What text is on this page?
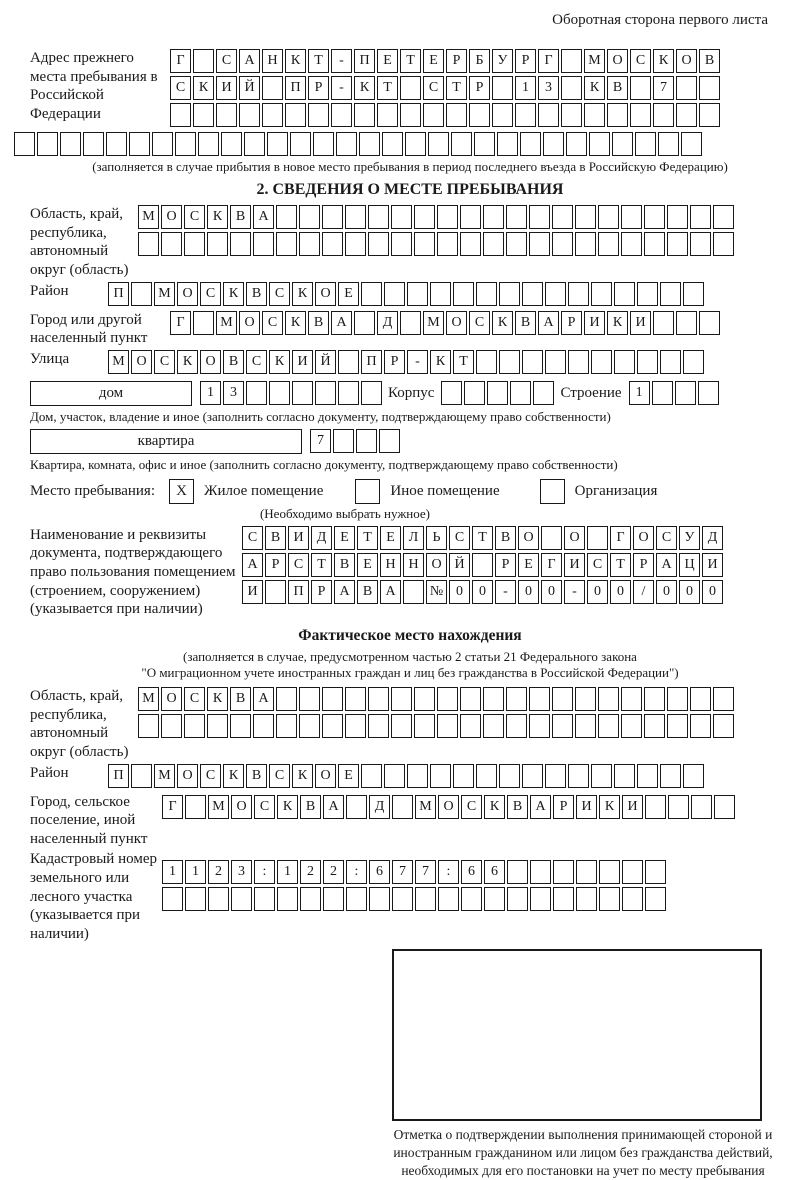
Оборотная сторона первого листа
Адрес прежнего места пребывания в Российской Федерации
Г	С А Н К Т - П Е Т Е Р Б У Р Г	М О С К О В
С К И Й	П Р - К Т	С Т Р	1 3	К В	7
(заполняется в случае прибытия в новое место пребывания в период последнего въезда в Российскую Федерацию)
2. СВЕДЕНИЯ О МЕСТЕ ПРЕБЫВАНИЯ
Область, край, республика, автономный округ (область)
М О С К В А
Район	П М О С К В С К О Е
Город или другой населенный пункт
Г	М О С К В А	Д М О С К В А Р И К И
Улица	М О С К О В С К И Й	П Р - К Т
дом	1 3	Корпус	Строение 1
Дом, участок, владение и иное (заполнить согласно документу, подтверждающему право собственности)
квартира	7
Квартира, комната, офис и иное (заполнить согласно документу, подтверждающему право собственности)
Место пребывания:	X	Жилое помещение	Иное помещение	Организация
(Необходимо выбрать нужное)
Наименование и реквизиты документа, подтверждающего право пользования помещением (строением, сооружением) (указывается при наличии)
С В И Д Е Т Е Л Ь С Т В О	О	Г О С У Д
А Р С Т В Е Н Н О Й	Р Е Г И С Т Р А Ц И
И	П Р А В А № 0 0 - 0 0 - 0 0 / 0 0 0
Фактическое место нахождения
(заполняется в случае, предусмотренном частью 2 статьи 21 Федерального закона
"О миграционном учете иностранных граждан и лиц без гражданства в Российской Федерации")
Область, край, республика, автономный округ (область)
М О С К В А
Район	П М О С К В С К О Е
Город, сельское поселение, иной населенный пункт
Г	М О С К В А	Д М О С К В А Р И К И
Кадастровый номер земельного или лесного участка (указывается при наличии)
1 1 2 3 : 1 2 2 : 6 7 7 : 6 6
Отметка о подтверждении выполнения принимающей стороной и иностранным гражданином или лицом без гражданства действий, необходимых для его постановки на учет по месту пребывания
